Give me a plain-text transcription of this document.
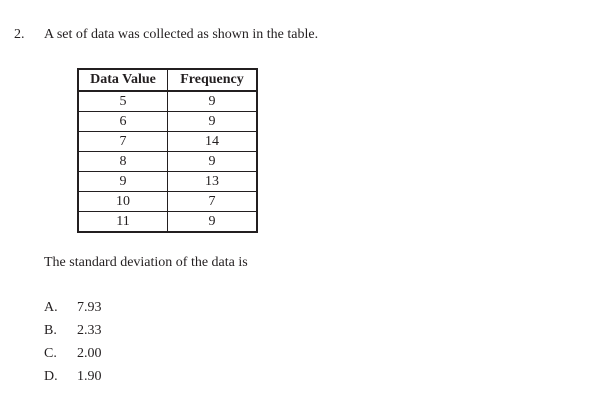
2. A set of data was collected as shown in the table.
Data Value	Frequency
5	9
6	9
7	14
8	9
9	13
10	7
11	9
The standard deviation of the data is
A.	7.93
B.	2.33
C.	2.00
D.	1.90
